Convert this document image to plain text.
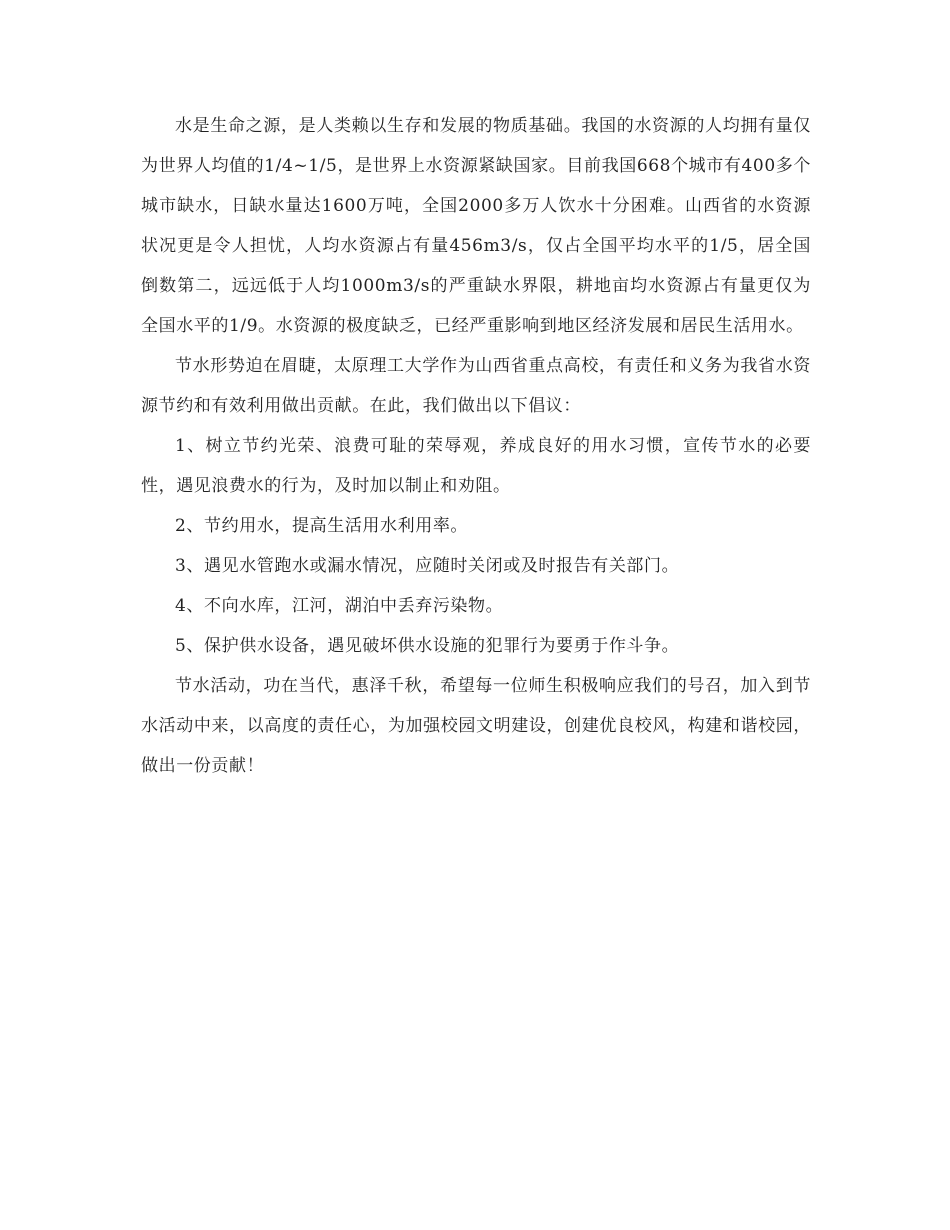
水是生命之源，是人类赖以生存和发展的物质基础。我国的水资源的人均拥有量仅为世界人均值的1/4~1/5，是世界上水资源紧缺国家。目前我国668个城市有400多个城市缺水，日缺水量达1600万吨，全国2000多万人饮水十分困难。山西省的水资源状况更是令人担忧，人均水资源占有量456m3/s，仅占全国平均水平的1/5，居全国倒数第二，远远低于人均1000m3/s的严重缺水界限，耕地亩均水资源占有量更仅为全国水平的1/9。水资源的极度缺乏，已经严重影响到地区经济发展和居民生活用水。

节水形势迫在眉睫，太原理工大学作为山西省重点高校，有责任和义务为我省水资源节约和有效利用做出贡献。在此，我们做出以下倡议：

1、树立节约光荣、浪费可耻的荣辱观，养成良好的用水习惯，宣传节水的必要性，遇见浪费水的行为，及时加以制止和劝阻。

2、节约用水，提高生活用水利用率。

3、遇见水管跑水或漏水情况，应随时关闭或及时报告有关部门。

4、不向水库，江河，湖泊中丢弃污染物。

5、保护供水设备，遇见破坏供水设施的犯罪行为要勇于作斗争。

节水活动，功在当代，惠泽千秋，希望每一位师生积极响应我们的号召，加入到节水活动中来，以高度的责任心，为加强校园文明建设，创建优良校风，构建和谐校园，做出一份贡献！
